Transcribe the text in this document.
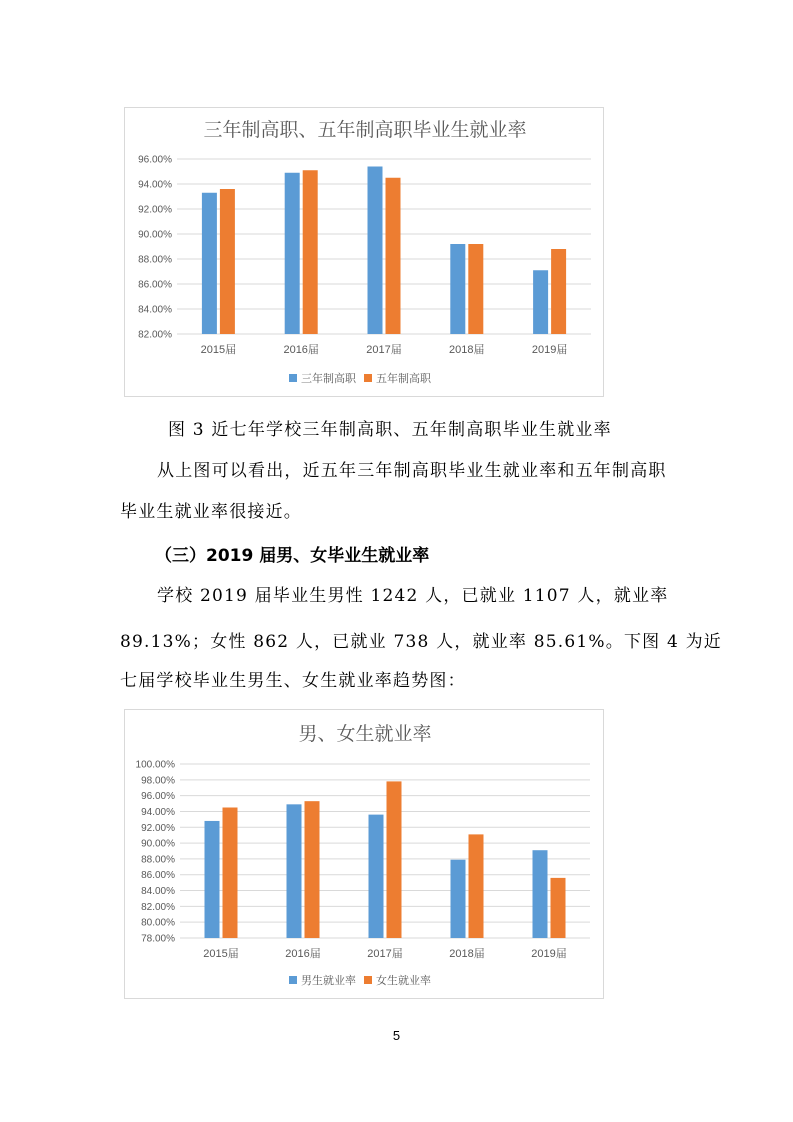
三年制高职、五年制高职毕业生就业率
82.00%
84.00%
86.00%
88.00%
90.00%
92.00%
94.00%
96.00%
2015届	2016届	2017届	2018届	2019届
三年制高职 五年制高职
图 3 近七年学校三年制高职、五年制高职毕业生就业率
从上图可以看出，近五年三年制高职毕业生就业率和五年制高职
毕业生就业率很接近。
（三）2019 届男、女毕业生就业率
学校 2019 届毕业生男性 1242 人，已就业 1107 人，就业率
89.13%；女性 862 人，已就业 738 人，就业率 85.61%。下图 4 为近
七届学校毕业生男生、女生就业率趋势图：
男、女生就业率
78.00%
80.00%
82.00%
84.00%
86.00%
88.00%
90.00%
92.00%
94.00%
96.00%
98.00%
100.00%
2015届	2016届	2017届	2018届	2019届
男生就业率 女生就业率
5
